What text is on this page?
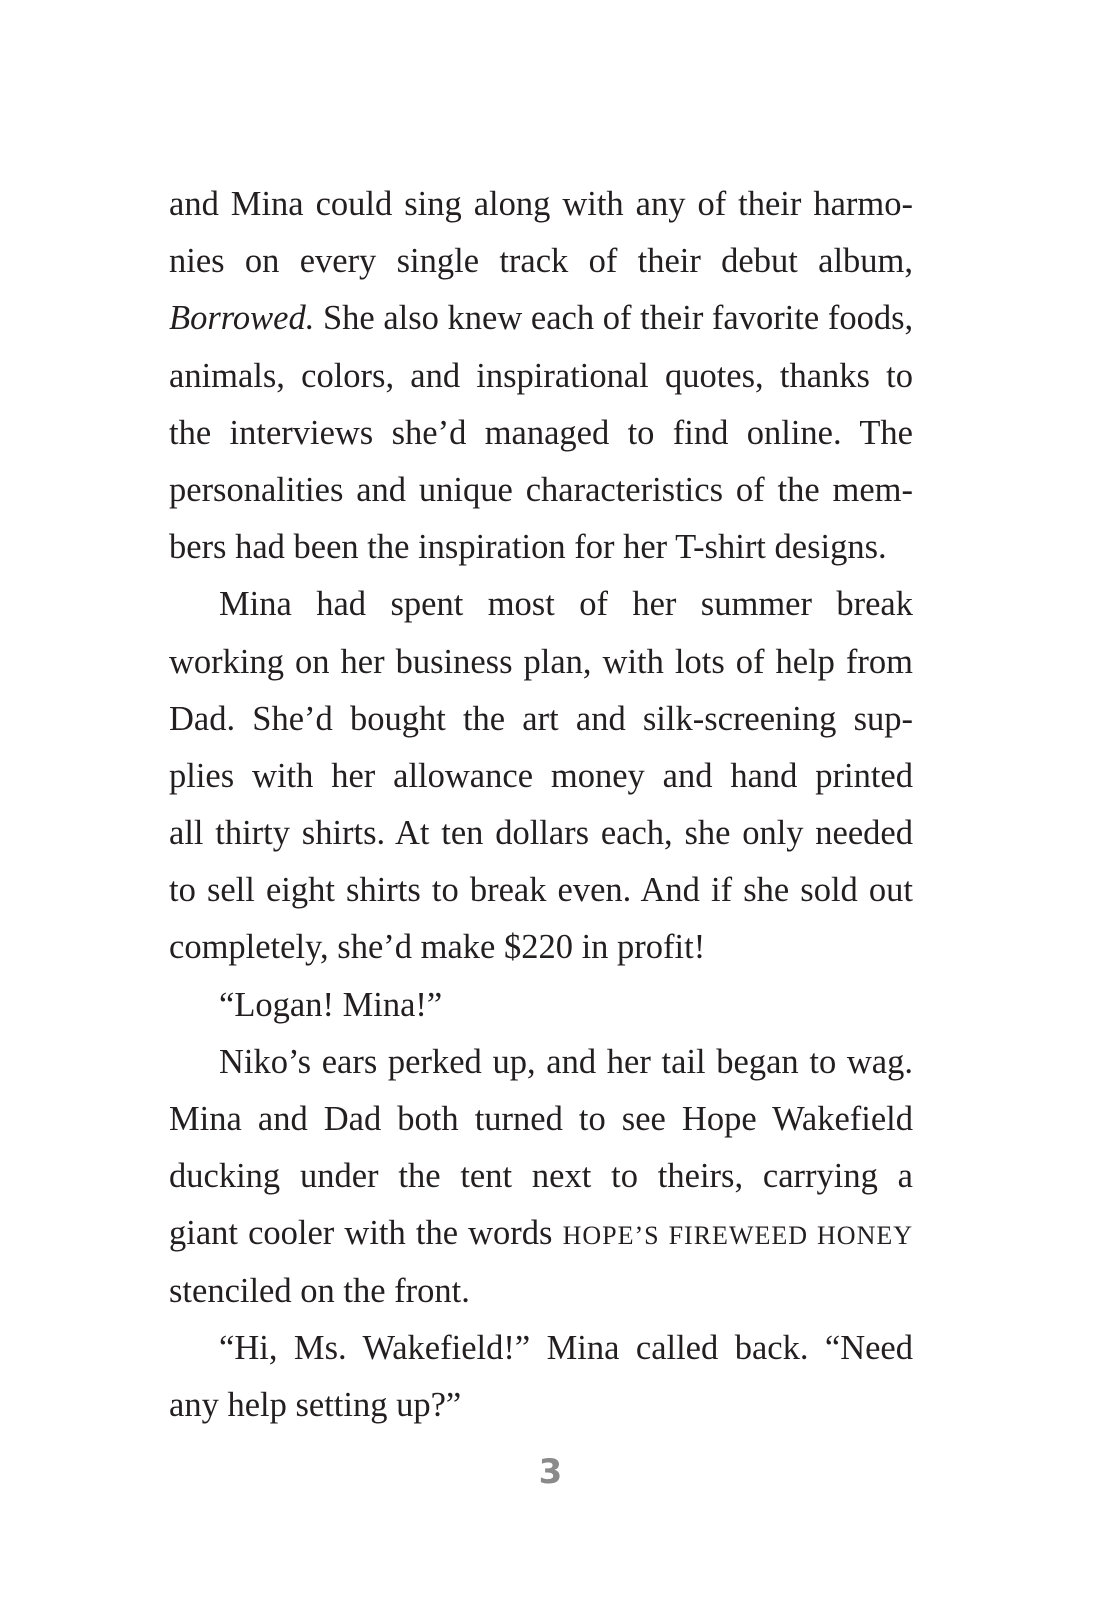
and Mina could sing along with any of their harmo-
nies on every single track of their debut album,
Borrowed. She also knew each of their favorite foods,
animals, colors, and inspirational quotes, thanks to
the interviews she’d managed to find online. The
personalities and unique characteristics of the mem-
bers had been the inspiration for her T-shirt designs.
Mina had spent most of her summer break
working on her business plan, with lots of help from
Dad. She’d bought the art and silk-screening sup-
plies with her allowance money and hand printed
all thirty shirts. At ten dollars each, she only needed
to sell eight shirts to break even. And if she sold out
completely, she’d make $220 in profit!
“Logan! Mina!”
Niko’s ears perked up, and her tail began to wag.
Mina and Dad both turned to see Hope Wakefield
ducking under the tent next to theirs, carrying a
giant cooler with the words HOPE’S FIREWEED HONEY
stenciled on the front.
“Hi, Ms. Wakefield!” Mina called back. “Need
any help setting up?”
3
